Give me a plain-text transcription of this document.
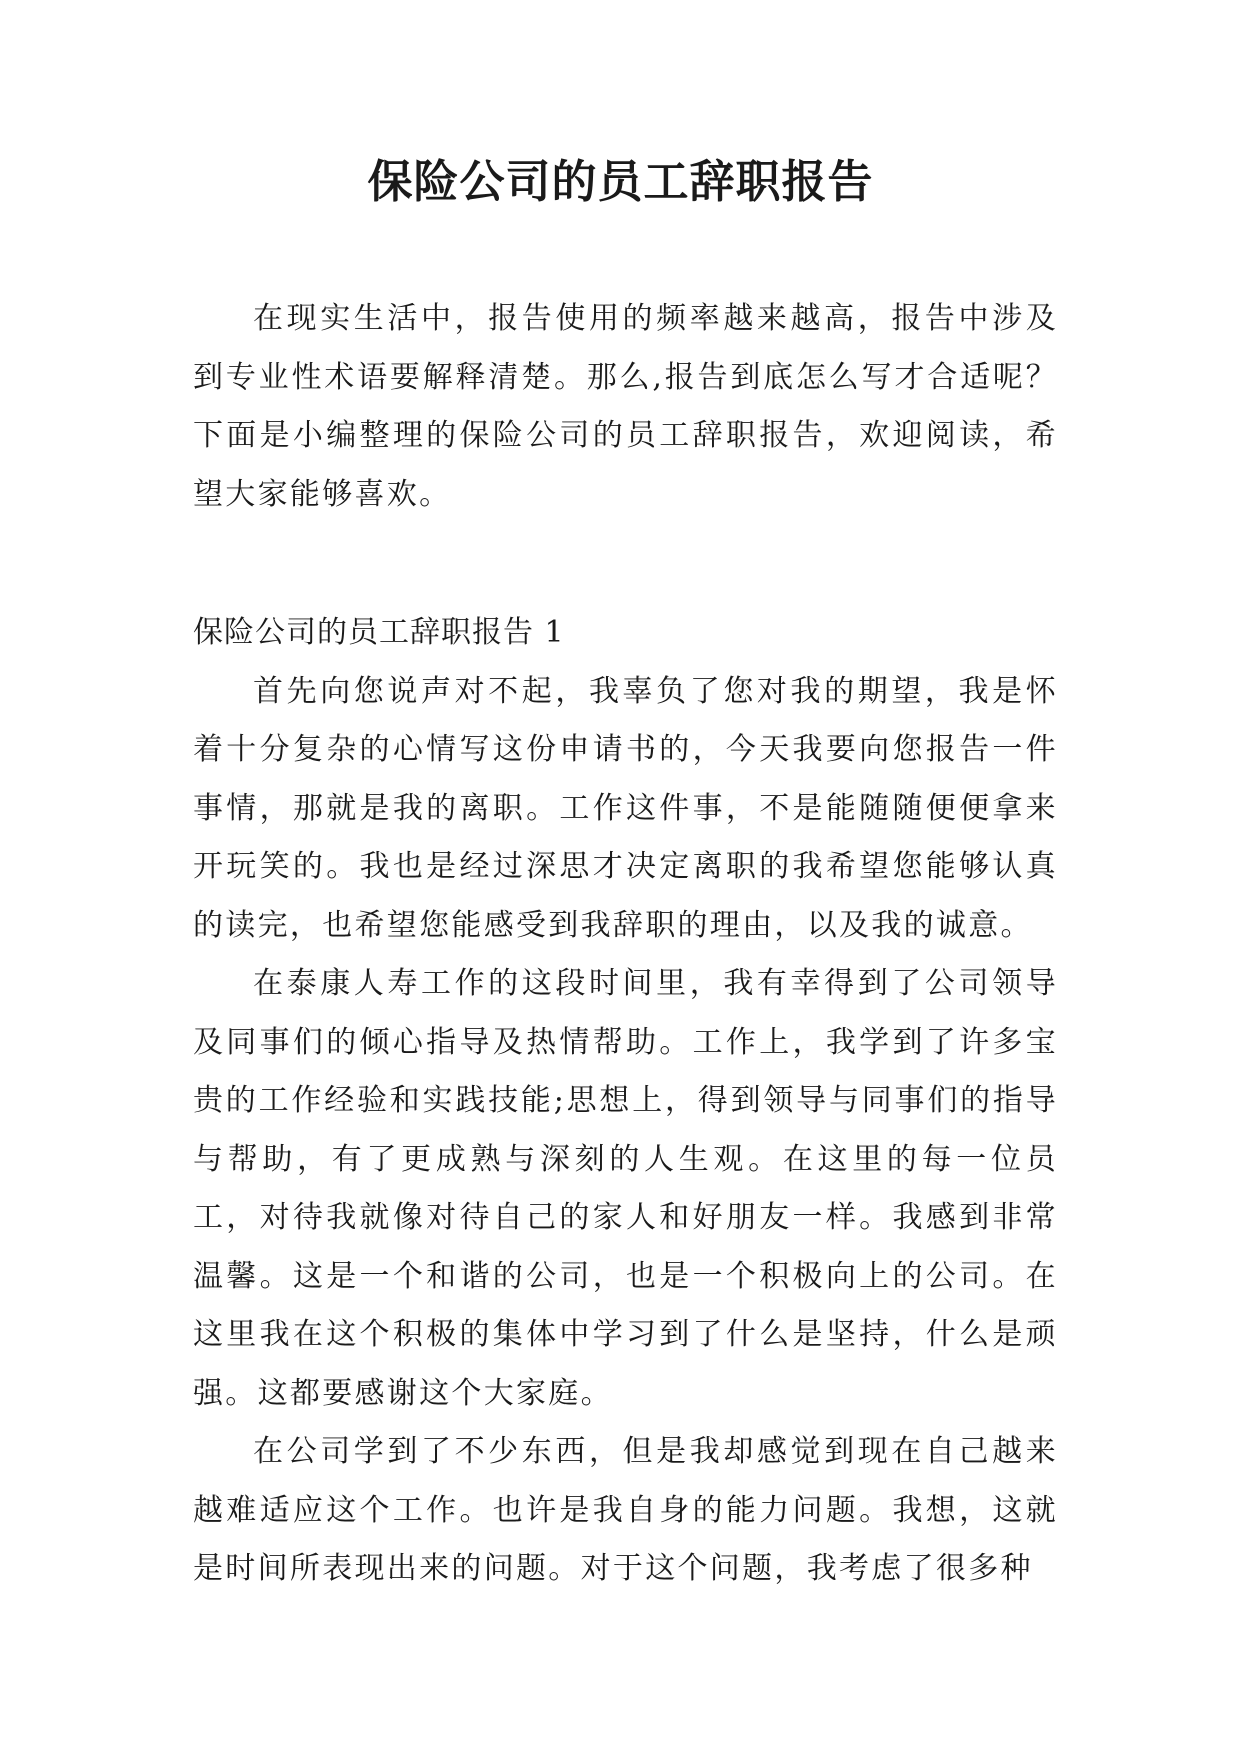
保险公司的员工辞职报告

在现实生活中，报告使用的频率越来越高，报告中涉及到专业性术语要解释清楚。那么,报告到底怎么写才合适呢？下面是小编整理的保险公司的员工辞职报告，欢迎阅读，希望大家能够喜欢。

保险公司的员工辞职报告 1

首先向您说声对不起，我辜负了您对我的期望，我是怀着十分复杂的心情写这份申请书的，今天我要向您报告一件事情，那就是我的离职。工作这件事，不是能随随便便拿来开玩笑的。我也是经过深思才决定离职的我希望您能够认真的读完，也希望您能感受到我辞职的理由，以及我的诚意。

在泰康人寿工作的这段时间里，我有幸得到了公司领导及同事们的倾心指导及热情帮助。工作上，我学到了许多宝贵的工作经验和实践技能;思想上，得到领导与同事们的指导与帮助，有了更成熟与深刻的人生观。在这里的每一位员工，对待我就像对待自己的家人和好朋友一样。我感到非常温馨。这是一个和谐的公司，也是一个积极向上的公司。在这里我在这个积极的集体中学习到了什么是坚持，什么是顽强。这都要感谢这个大家庭。

在公司学到了不少东西，但是我却感觉到现在自己越来越难适应这个工作。也许是我自身的能力问题。我想，这就是时间所表现出来的问题。对于这个问题，我考虑了很多种
